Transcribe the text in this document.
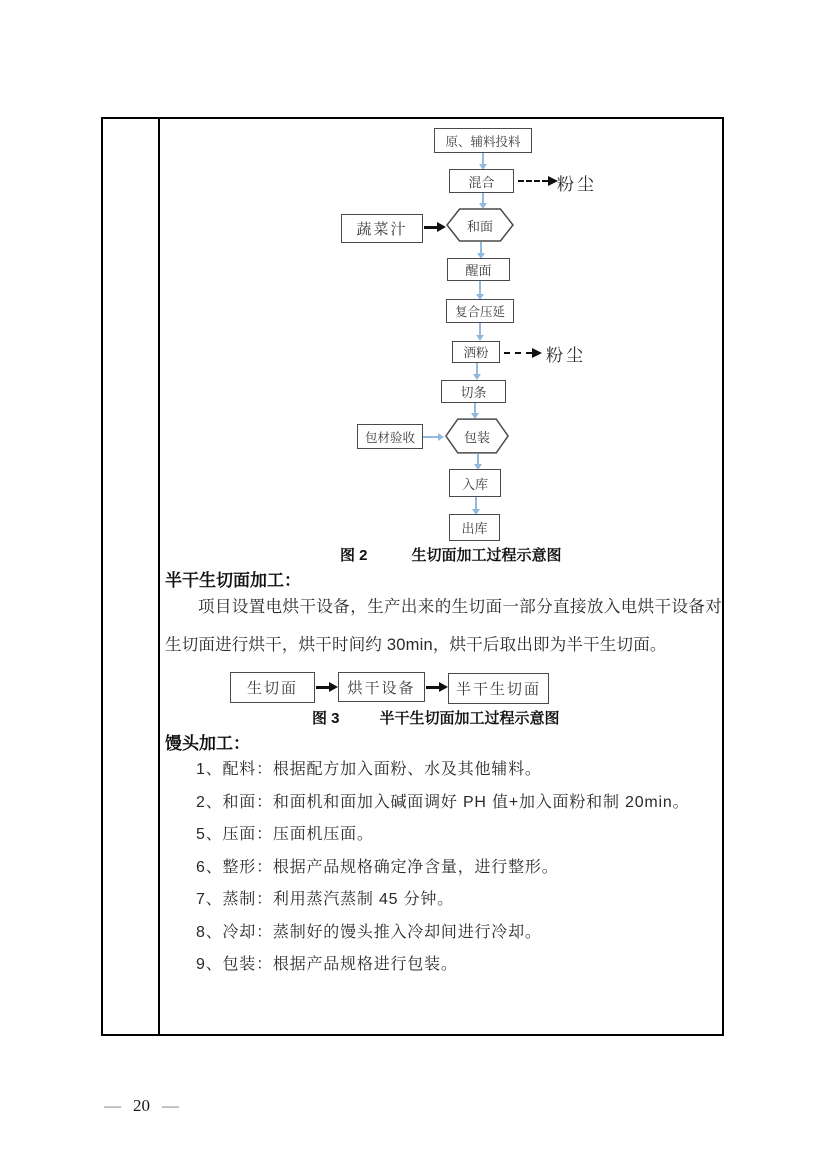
原、辅料投料
混合	粉尘
和面
蔬菜汁
醒面
复合压延
洒粉	粉尘
切条
包装
包材验收
入库
出库
图 2	生切面加工过程示意图
半干生切面加工：
项目设置电烘干设备，生产出来的生切面一部分直接放入电烘干设备对生切面进行烘干，烘干时间约 30min，烘干后取出即为半干生切面。
生切面	烘干设备	半干生切面
图 3	半干生切面加工过程示意图
馒头加工：

1、配料：根据配方加入面粉、水及其他辅料。

2、和面：和面机和面加入碱面调好 PH 值+加入面粉和制 20min。

5、压面：压面机压面。

6、整形：根据产品规格确定净含量，进行整形。

7、蒸制：利用蒸汽蒸制 45 分钟。

8、冷却：蒸制好的馒头推入冷却间进行冷却。

9、包装：根据产品规格进行包装。

— 20 —
